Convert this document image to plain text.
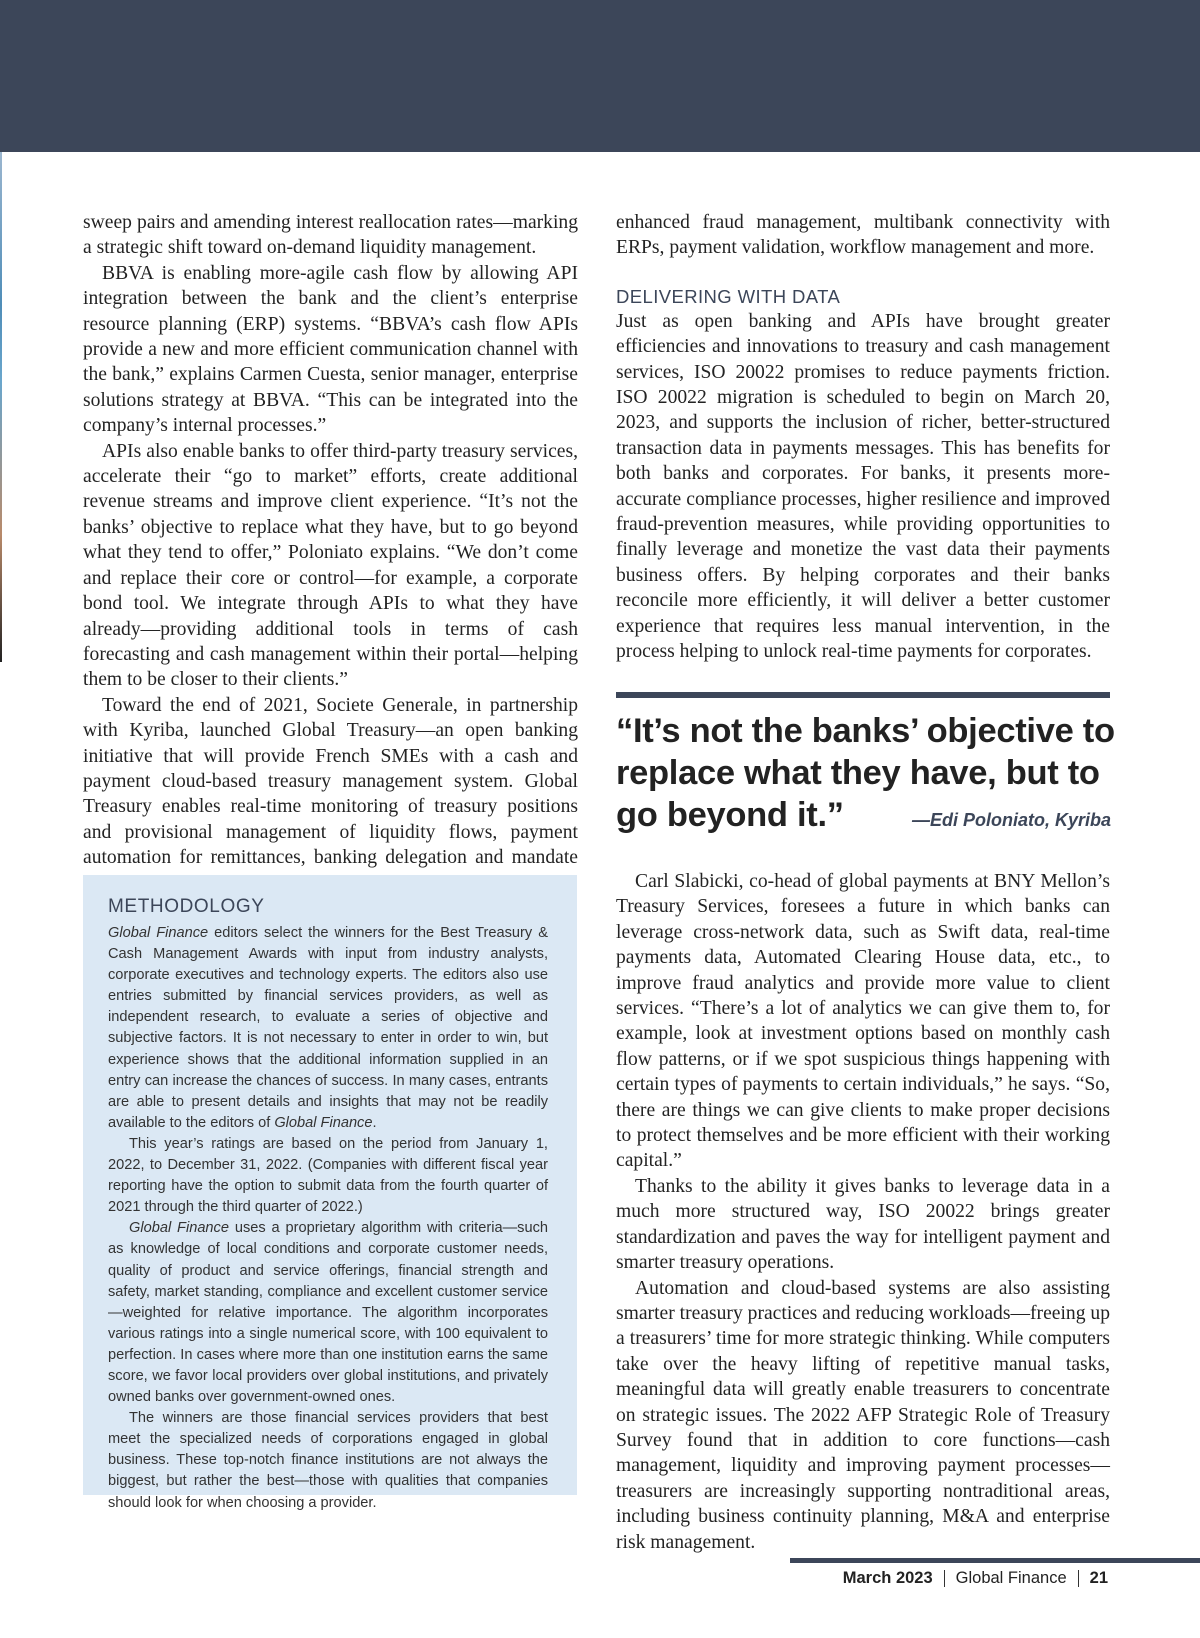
sweep pairs and amending interest reallocation rates—marking a strategic shift toward on-demand liquidity management.

BBVA is enabling more-agile cash flow by allowing API integration between the bank and the client’s enterprise resource planning (ERP) systems. “BBVA’s cash flow APIs provide a new and more efficient communication channel with the bank,” explains Carmen Cuesta, senior manager, enterprise solutions strategy at BBVA. “This can be integrated into the company’s internal processes.”

APIs also enable banks to offer third-party treasury services, accelerate their “go to market” efforts, create additional revenue streams and improve client experience. “It’s not the banks’ objective to replace what they have, but to go beyond what they tend to offer,” Poloniato explains. “We don’t come and replace their core or control—for example, a corporate bond tool. We integrate through APIs to what they have already—providing additional tools in terms of cash forecasting and cash management within their portal—helping them to be closer to their clients.”

Toward the end of 2021, Societe Generale, in partnership with Kyriba, launched Global Treasury—an open banking initiative that will provide French SMEs with a cash and payment cloud-based treasury management system. Global Treasury enables real-time monitoring of treasury positions and provisional management of liquidity flows, payment automation for remittances, banking delegation and mandate

enhanced fraud management, multibank connectivity with ERPs, payment validation, workflow management and more.

DELIVERING WITH DATA

Just as open banking and APIs have brought greater efficiencies and innovations to treasury and cash management services, ISO 20022 promises to reduce payments friction. ISO 20022 migration is scheduled to begin on March 20, 2023, and supports the inclusion of richer, better-structured transaction data in payments messages. This has benefits for both banks and corporates. For banks, it presents more-accurate compliance processes, higher resilience and improved fraud-prevention measures, while providing opportunities to finally leverage and monetize the vast data their payments business offers. By helping corporates and their banks reconcile more efficiently, it will deliver a better customer experience that requires less manual intervention, in the process helping to unlock real-time payments for corporates.

“It’s not the banks’ objective to replace what they have, but to go beyond it.”	—Edi Poloniato, Kyriba

Carl Slabicki, co-head of global payments at BNY Mellon’s Treasury Services, foresees a future in which banks can leverage cross-network data, such as Swift data, real-time payments data, Automated Clearing House data, etc., to improve fraud analytics and provide more value to client services. “There’s a lot of analytics we can give them to, for example, look at investment options based on monthly cash flow patterns, or if we spot suspicious things happening with certain types of payments to certain individuals,” he says. “So, there are things we can give clients to make proper decisions to protect themselves and be more efficient with their working capital.”

Thanks to the ability it gives banks to leverage data in a much more structured way, ISO 20022 brings greater standardization and paves the way for intelligent payment and smarter treasury operations.

Automation and cloud-based systems are also assisting smarter treasury practices and reducing workloads—freeing up a treasurers’ time for more strategic thinking. While computers take over the heavy lifting of repetitive manual tasks, meaningful data will greatly enable treasurers to concentrate on strategic issues. The 2022 AFP Strategic Role of Treasury Survey found that in addition to core functions—cash management, liquidity and improving payment processes—treasurers are increasingly supporting nontraditional areas, including business continuity planning, M&A and enterprise risk management.

METHODOLOGY

Global Finance editors select the winners for the Best Treasury & Cash Management Awards with input from industry analysts, corporate executives and technology experts. The editors also use entries submitted by financial services providers, as well as independent research, to evaluate a series of objective and subjective factors. It is not necessary to enter in order to win, but experience shows that the additional information supplied in an entry can increase the chances of success. In many cases, entrants are able to present details and insights that may not be readily available to the editors of Global Finance.

This year’s ratings are based on the period from January 1, 2022, to December 31, 2022. (Companies with different fiscal year reporting have the option to submit data from the fourth quarter of 2021 through the third quarter of 2022.)

Global Finance uses a proprietary algorithm with criteria—such as knowledge of local conditions and corporate customer needs, quality of product and service offerings, financial strength and safety, market standing, compliance and excellent customer service—weighted for relative importance. The algorithm incorporates various ratings into a single numerical score, with 100 equivalent to perfection. In cases where more than one institution earns the same score, we favor local providers over global institutions, and privately owned banks over government-owned ones.

The winners are those financial services providers that best meet the specialized needs of corporations engaged in global business. These top-notch finance institutions are not always the biggest, but rather the best—those with qualities that companies should look for when choosing a provider.

March 2023 Global Finance 21
